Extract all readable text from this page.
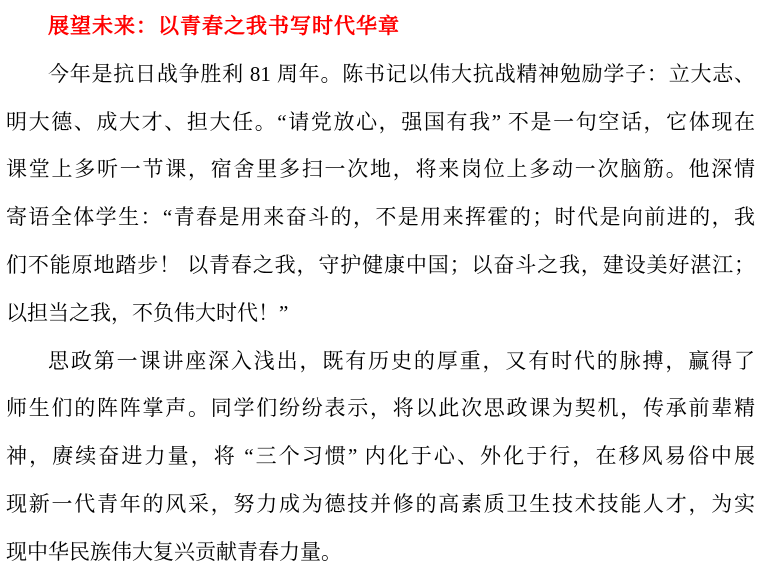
展望未来：以青春之我书写时代华章
今年是抗日战争胜利 81 周年。陈书记以伟大抗战精神勉励学子：立大志、
明大德、成大才、担大任。“请党放心，强国有我” 不是一句空话，它体现在
课堂上多听一节课，宿舍里多扫一次地，将来岗位上多动一次脑筋。他深情
寄语全体学生：“青春是用来奋斗的，不是用来挥霍的；时代是向前进的，我
们不能原地踏步！ 以青春之我，守护健康中国；以奋斗之我，建设美好湛江；
以担当之我，不负伟大时代！”
思政第一课讲座深入浅出，既有历史的厚重，又有时代的脉搏，赢得了
师生们的阵阵掌声。同学们纷纷表示，将以此次思政课为契机，传承前辈精
神，赓续奋进力量，将 “三个习惯” 内化于心、外化于行，在移风易俗中展
现新一代青年的风采，努力成为德技并修的高素质卫生技术技能人才，为实
现中华民族伟大复兴贡献青春力量。
